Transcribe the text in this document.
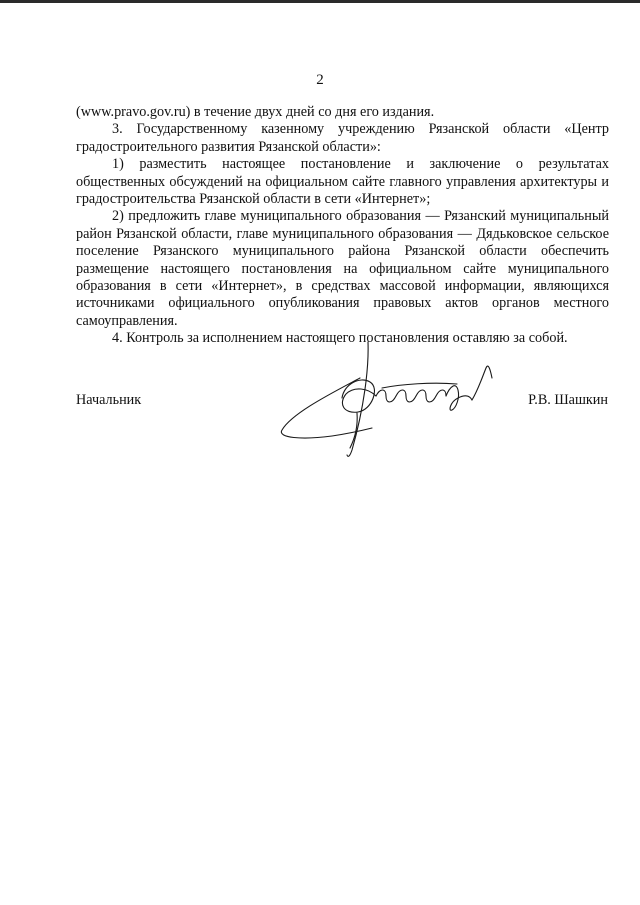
2

(www.pravo.gov.ru) в течение двух дней со дня его издания.

3. Государственному казенному учреждению Рязанской области «Центр градостроительного развития Рязанской области»:

1) разместить настоящее постановление и заключение о результатах общественных обсуждений на официальном сайте главного управления архитектуры и градостроительства Рязанской области в сети «Интернет»;

2) предложить главе муниципального образования — Рязанский муниципальный район Рязанской области, главе муниципального образования — Дядьковское сельское поселение Рязанского муниципального района Рязанской области обеспечить размещение настоящего постановления на официальном сайте муниципального образования в сети «Интернет», в средствах массовой информации, являющихся источниками официального опубликования правовых актов органов местного самоуправления.

4. Контроль за исполнением настоящего постановления оставляю за собой.

Начальник	Р.В. Шашкин
